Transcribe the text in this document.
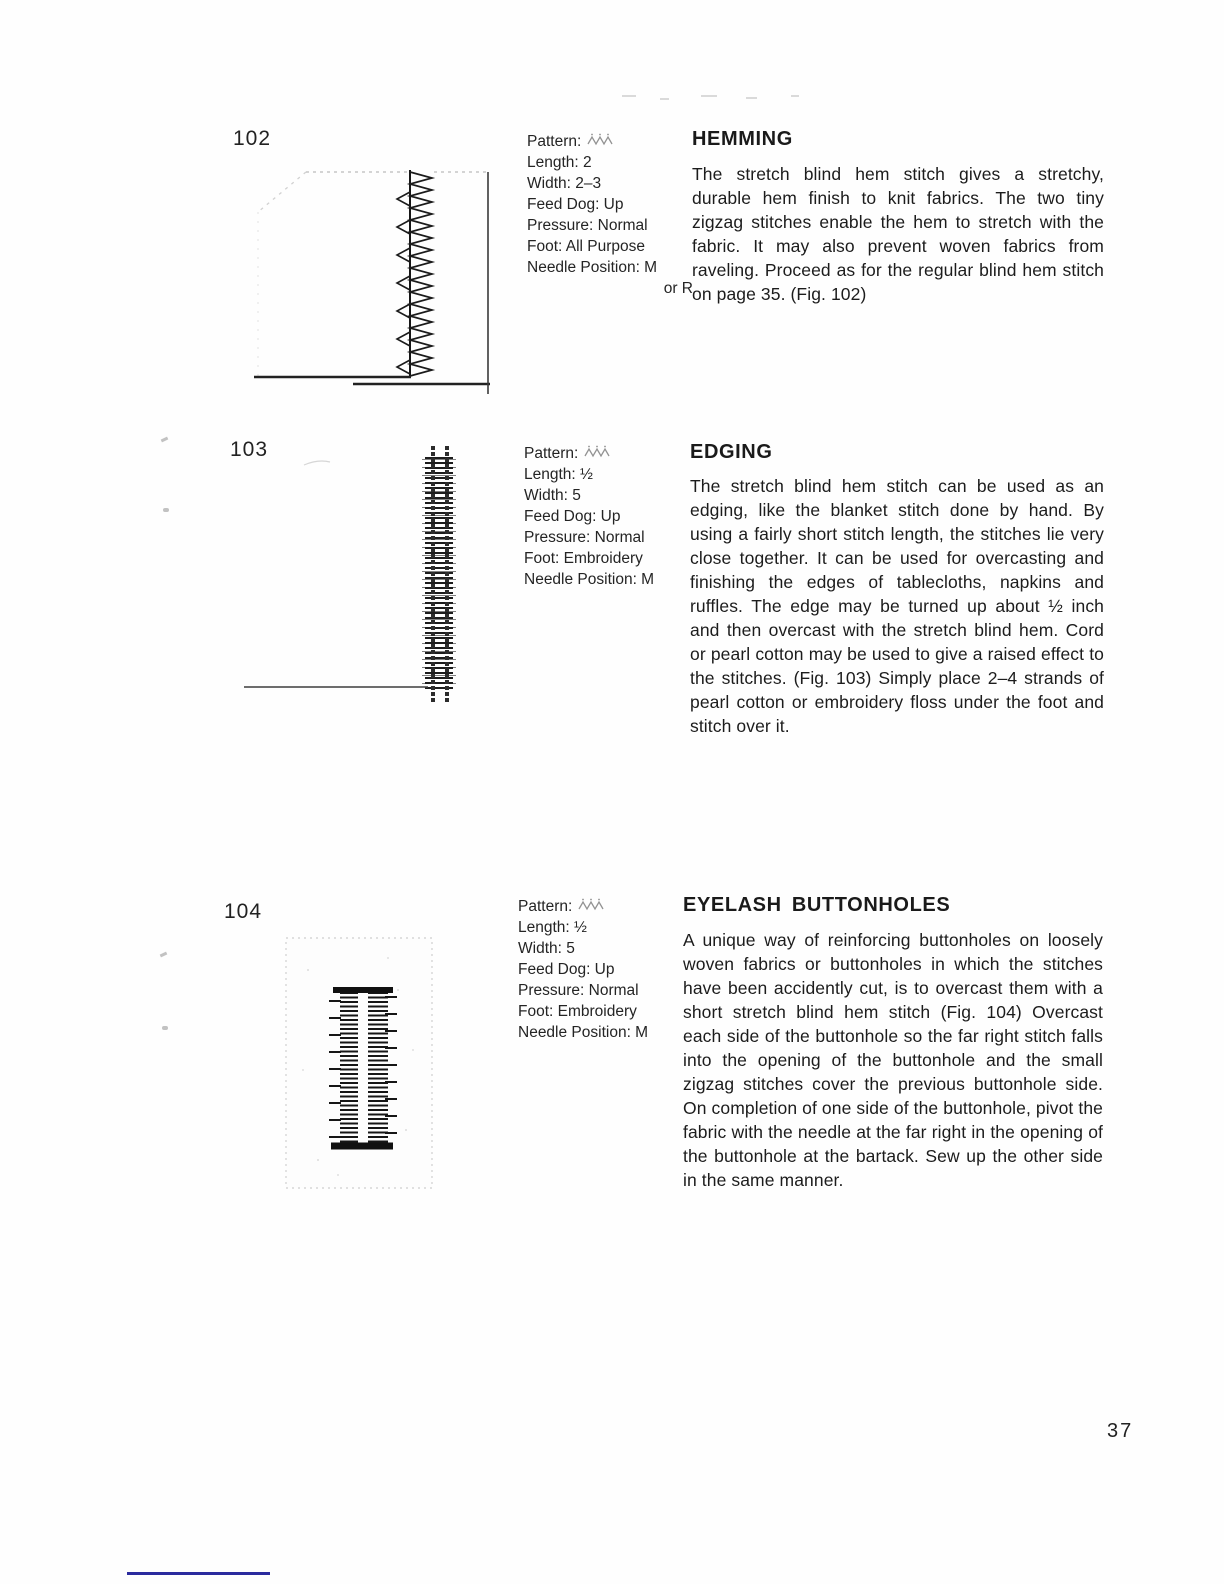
102	Pattern:
Length: 2
Width: 2–3
Feed Dog: Up
Pressure: Normal
Foot: All Purpose
Needle Position: M
or R
HEMMING

The stretch blind hem stitch gives a stretchy, durable hem finish to knit fabrics. The two tiny zigzag stitches enable the hem to stretch with the fabric. It may also prevent woven fabrics from raveling. Proceed as for the regular blind hem stitch on page 35. (Fig. 102)

103	Pattern:
Length: ½
Width: 5
Feed Dog: Up
Pressure: Normal
Foot: Embroidery
Needle Position: M
EDGING

The stretch blind hem stitch can be used as an edging, like the blanket stitch done by hand. By using a fairly short stitch length, the stitches lie very close together. It can be used for overcasting and finishing the edges of tablecloths, napkins and ruffles. The edge may be turned up about ½ inch and then overcast with the stretch blind hem. Cord or pearl cotton may be used to give a raised effect to the stitches. (Fig. 103) Simply place 2–4 strands of pearl cotton or embroidery floss under the foot and stitch over it.

104	Pattern:
Length: ½
Width: 5
Feed Dog: Up
Pressure: Normal
Foot: Embroidery
Needle Position: M
EYELASH BUTTONHOLES

A unique way of reinforcing buttonholes on loosely woven fabrics or buttonholes in which the stitches have been accidently cut, is to overcast them with a short stretch blind hem stitch (Fig. 104) Overcast each side of the buttonhole so the far right stitch falls into the opening of the buttonhole and the small zigzag stitches cover the previous buttonhole side. On completion of one side of the buttonhole, pivot the fabric with the needle at the far right in the opening of the buttonhole at the bartack. Sew up the other side in the same manner.

37
